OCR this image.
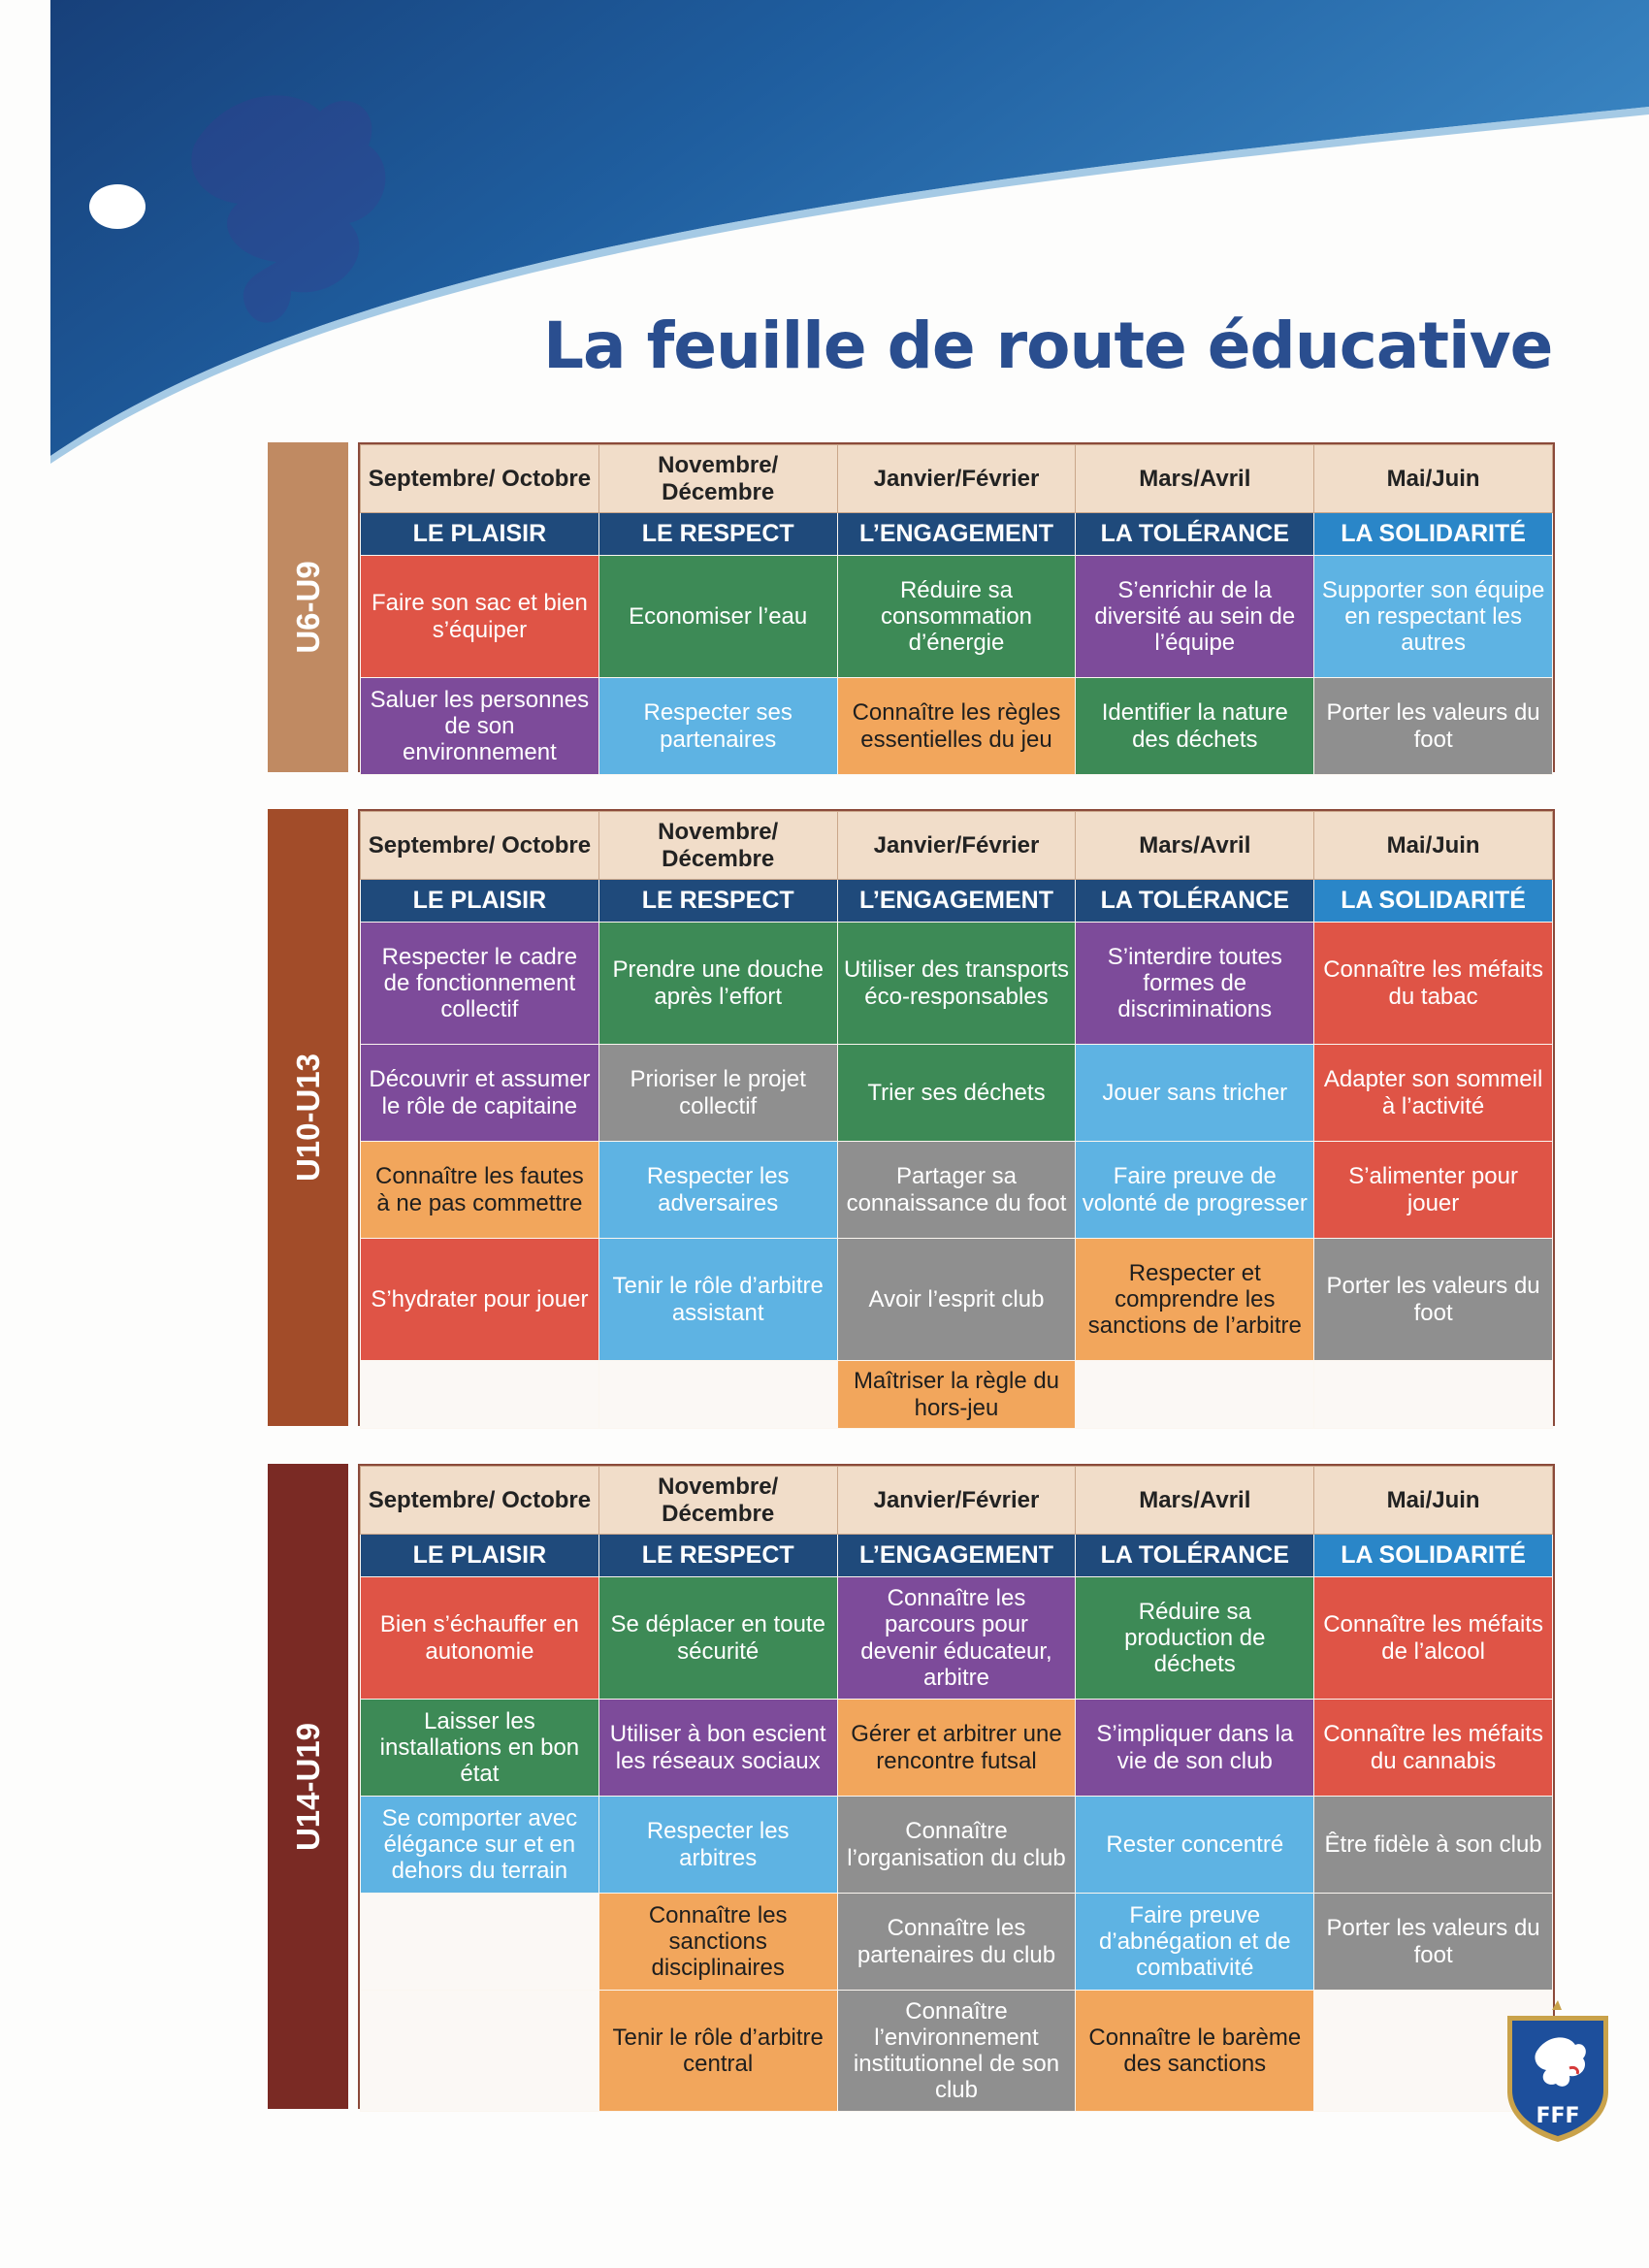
La feuille de route éducative
U6-U9
Septembre/ Octobre	Novembre/ Décembre	Janvier/Février	Mars/Avril	Mai/Juin
LE PLAISIR	LE RESPECT	L’ENGAGEMENT	LA TOLÉRANCE	LA SOLIDARITÉ
Faire son sac et bien s’équiper	Economiser l’eau	Réduire sa consommation d’énergie	S’enrichir de la diversité au sein de l’équipe	Supporter son équipe en respectant les autres
Saluer les personnes de son environnement	Respecter ses partenaires	Connaître les règles essentielles du jeu	Identifier la nature des déchets	Porter les valeurs du foot
U10-U13
Septembre/ Octobre	Novembre/ Décembre	Janvier/Février	Mars/Avril	Mai/Juin
LE PLAISIR	LE RESPECT	L’ENGAGEMENT	LA TOLÉRANCE	LA SOLIDARITÉ
Respecter le cadre de fonctionnement collectif	Prendre une douche après l’effort	Utiliser des transports éco-responsables	S’interdire toutes formes de discriminations	Connaître les méfaits du tabac
Découvrir et assumer le rôle de capitaine	Prioriser le projet collectif	Trier ses déchets	Jouer sans tricher	Adapter son sommeil à l’activité
Connaître les fautes à ne pas commettre	Respecter les adversaires	Partager sa connaissance du foot	Faire preuve de volonté de progresser	S’alimenter pour jouer
S’hydrater pour jouer	Tenir le rôle d’arbitre assistant	Avoir l’esprit club	Respecter et comprendre les sanctions de l’arbitre	Porter les valeurs du foot
		Maîtriser la règle du hors-jeu		
U14-U19
Septembre/ Octobre	Novembre/ Décembre	Janvier/Février	Mars/Avril	Mai/Juin
LE PLAISIR	LE RESPECT	L’ENGAGEMENT	LA TOLÉRANCE	LA SOLIDARITÉ
Bien s’échauffer en autonomie	Se déplacer en toute sécurité	Connaître les parcours pour devenir éducateur, arbitre	Réduire sa production de déchets	Connaître les méfaits de l’alcool
Laisser les installations en bon état	Utiliser à bon escient les réseaux sociaux	Gérer et arbitrer une rencontre futsal	S’impliquer dans la vie de son club	Connaître les méfaits du cannabis
Se comporter avec élégance sur et en dehors du terrain	Respecter les arbitres	Connaître l’organisation du club	Rester concentré	Être fidèle à son club
	Connaître les sanctions disciplinaires	Connaître les partenaires du club	Faire preuve d’abnégation et de combativité	Porter les valeurs du foot
	Tenir le rôle d’arbitre central	Connaître l’environnement institutionnel de son club	Connaître le barème des sanctions	
FFF
